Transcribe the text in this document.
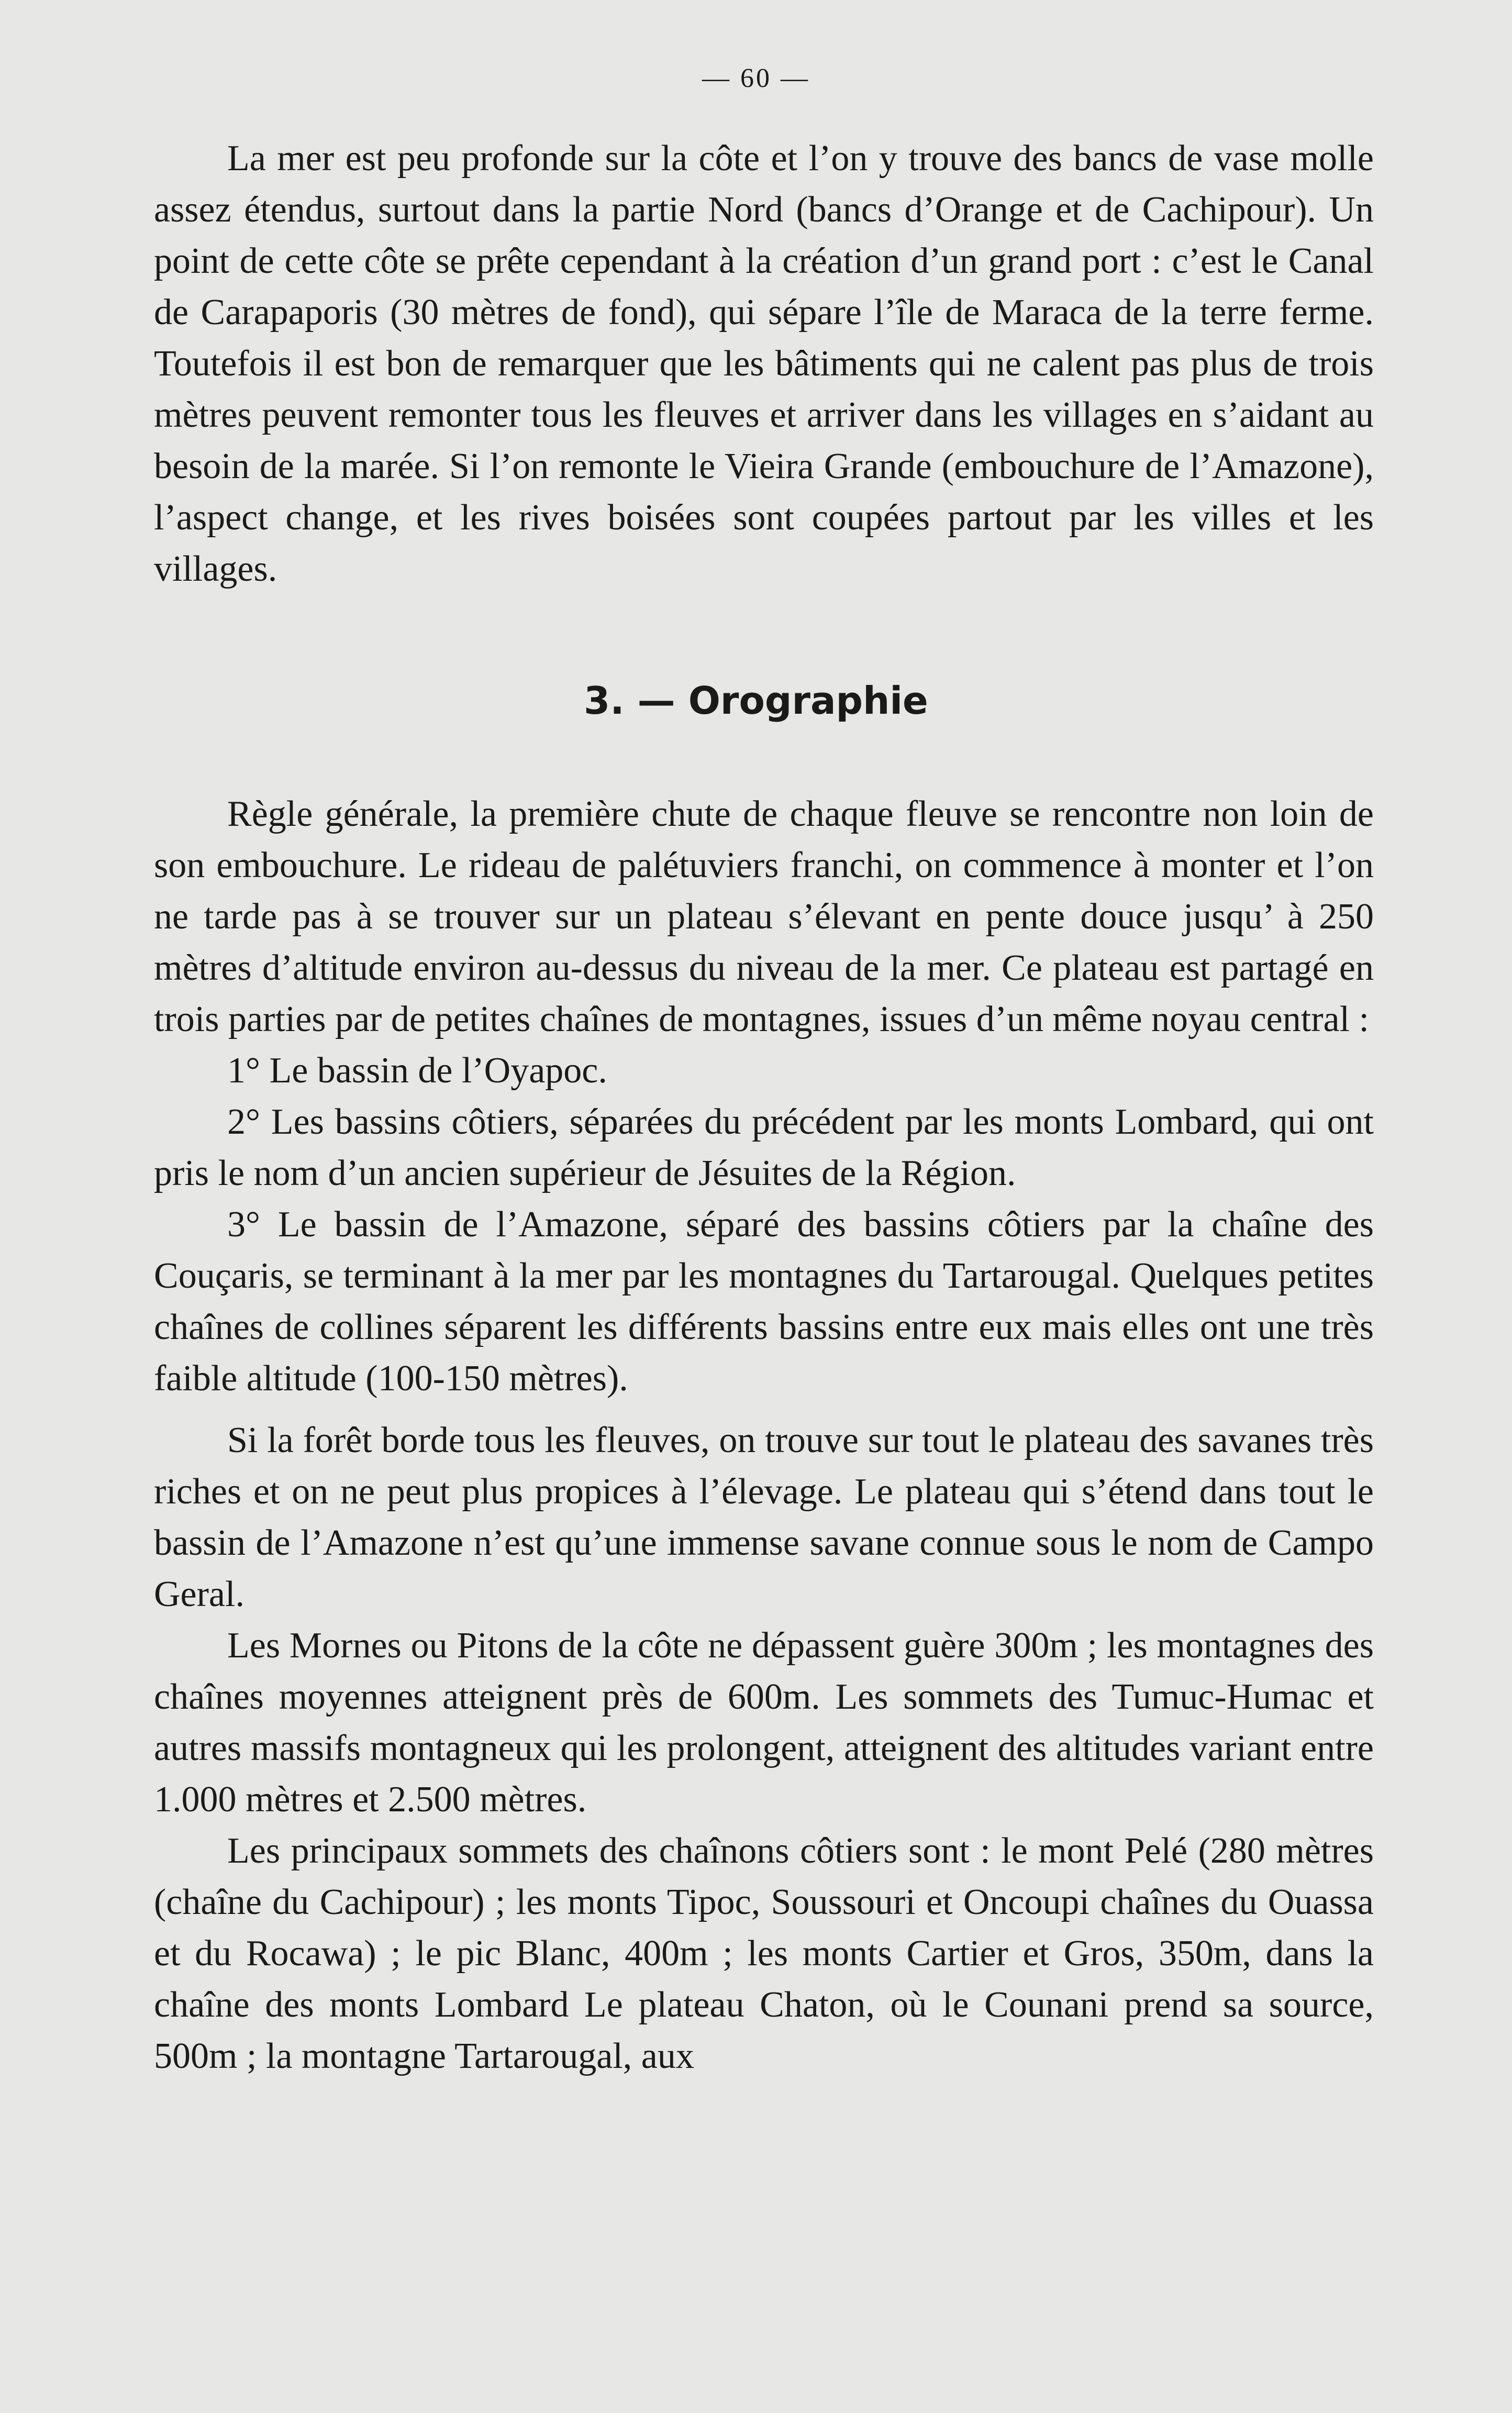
— 60 —

La mer est peu profonde sur la côte et l’on y trouve des bancs de vase molle assez étendus, surtout dans la partie Nord (bancs d’Orange et de Cachipour). Un point de cette côte se prête cependant à la création d’un grand port : c’est le Canal de Carapaporis (30 mètres de fond), qui sépare l’île de Maraca de la terre ferme. Toutefois il est bon de remarquer que les bâtiments qui ne calent pas plus de trois mètres peuvent remonter tous les fleuves et arriver dans les villages en s’aidant au besoin de la marée. Si l’on remonte le Vieira Grande (embouchure de l’Amazone), l’aspect change, et les rives boisées sont coupées partout par les villes et les villages.

3. — Orographie

Règle générale, la première chute de chaque fleuve se rencontre non loin de son embouchure. Le rideau de palétuviers franchi, on commence à monter et l’on ne tarde pas à se trouver sur un plateau s’élevant en pente douce jusqu’ à 250 mètres d’altitude environ au-dessus du niveau de la mer. Ce plateau est partagé en trois parties par de petites chaînes de montagnes, issues d’un même noyau central :

1° Le bassin de l’Oyapoc.

2° Les bassins côtiers, séparées du précédent par les monts Lombard, qui ont pris le nom d’un ancien supérieur de Jésuites de la Région.

3° Le bassin de l’Amazone, séparé des bassins côtiers par la chaîne des Couçaris, se terminant à la mer par les montagnes du Tartarougal. Quelques petites chaînes de collines séparent les différents bassins entre eux mais elles ont une très faible altitude (100-150 mètres).

Si la forêt borde tous les fleuves, on trouve sur tout le plateau des savanes très riches et on ne peut plus propices à l’élevage. Le plateau qui s’étend dans tout le bassin de l’Amazone n’est qu’une immense savane connue sous le nom de Campo Geral.

Les Mornes ou Pitons de la côte ne dépassent guère 300m ; les montagnes des chaînes moyennes atteignent près de 600m. Les sommets des Tumuc-Humac et autres massifs montagneux qui les prolongent, atteignent des altitudes variant entre 1.000 mètres et 2.500 mètres.

Les principaux sommets des chaînons côtiers sont : le mont Pelé (280 mètres (chaîne du Cachipour) ; les monts Tipoc, Soussouri et Oncoupi chaînes du Ouassa et du Rocawa) ; le pic Blanc, 400m ; les monts Cartier et Gros, 350m, dans la chaîne des monts Lombard Le plateau Chaton, où le Counani prend sa source, 500m ; la montagne Tartarougal, aux
